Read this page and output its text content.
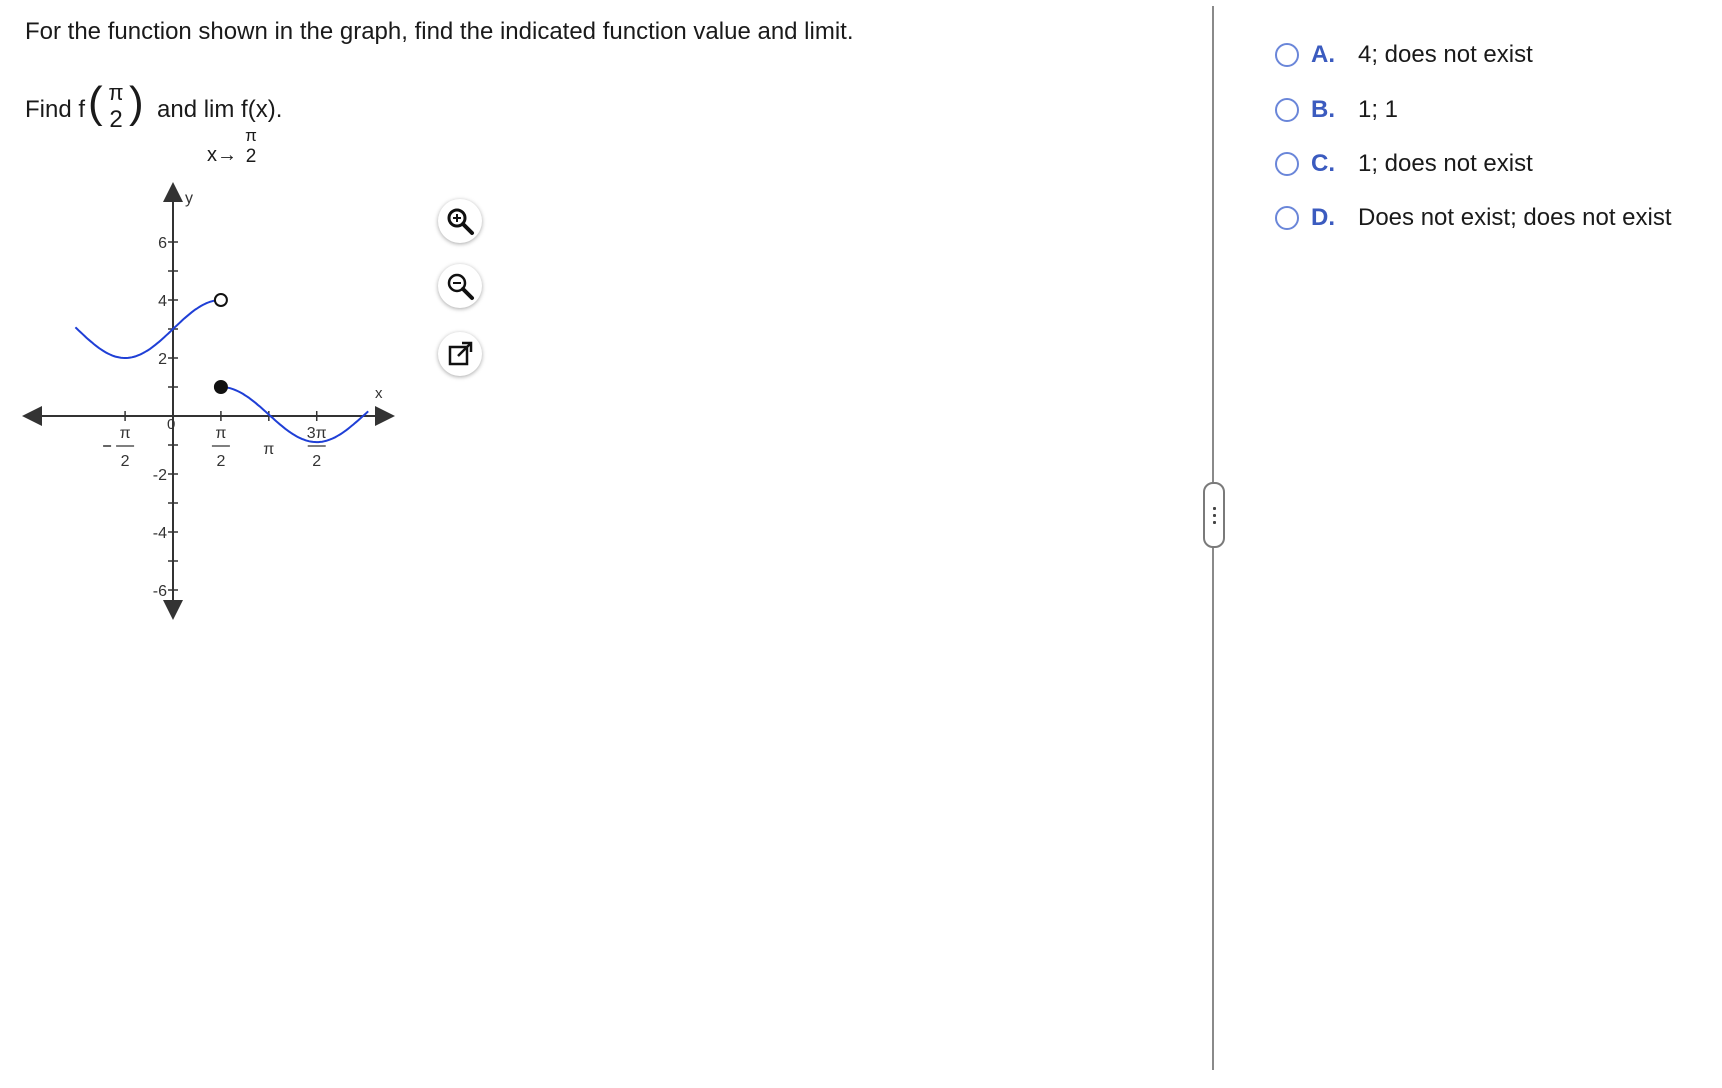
For the function shown in the graph, find the indicated function value and limit.
Find f ( π
2 ) and lim f(x).
x→
π
2
x
y
0
6
4
2
-2
-4
-6
π
2
π
2
π
3π
2
A. 4; does not exist
B. 1; 1
C. 1; does not exist
D. Does not exist; does not exist
